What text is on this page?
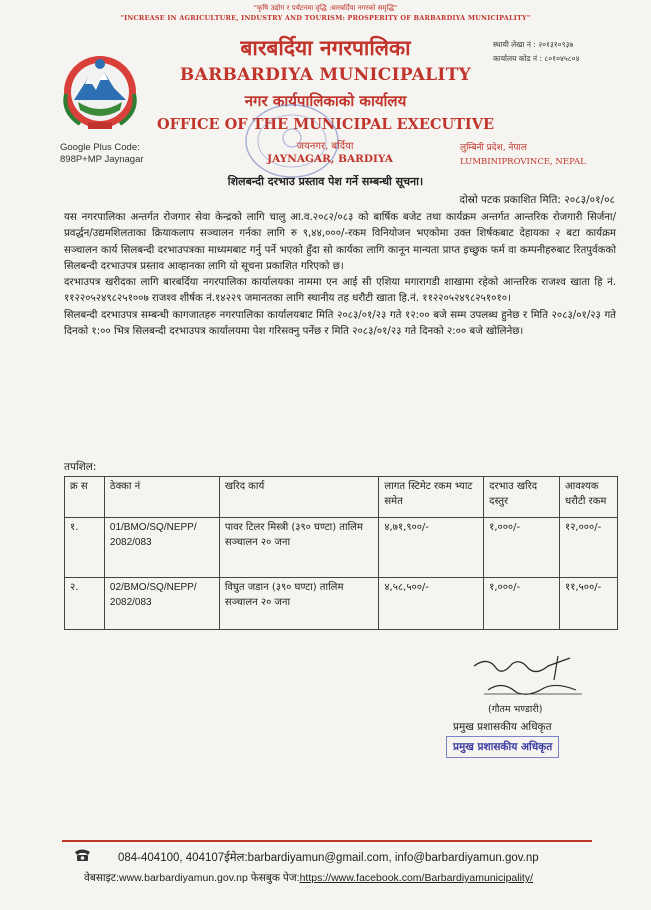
"कृषि उद्योग र पर्यटनमा वृद्धि :बारबर्दिया नगरको समृद्धि"
"INCREASE IN AGRICULTURE, INDUSTRY AND TOURISM: PROSPERITY OF BARBARDIYA MUNICIPALITY"
बारबर्दिया नगरपालिका
BARBARDIYA MUNICIPALITY
नगर कार्यपालिकाको कार्यालय
OFFICE OF THE MUNICIPAL EXECUTIVE
जयनगर, बर्दिया
JAYNAGAR, BARDIYA
स्थायी लेखा नं : २०१३१०९३७
कार्यालय कोड नं : ८०१०४५८०४
Google Plus Code:
898P+MP Jaynagar
लुम्बिनी प्रदेश, नेपाल
LUMBINIPROVINCE, NEPAL
शिलबन्दी दरभाउ प्रस्ताव पेश गर्ने सम्बन्धी सूचना।
दोस्रो पटक प्रकाशित मिति: २०८३/०१/०८

यस नगरपालिका अन्तर्गत रोजगार सेवा केन्द्रको लागि चालु आ.व.२०८२/०८३ को बार्षिक बजेट तथा कार्यक्रम अन्तर्गत आन्तरिक रोजगारी सिर्जना/प्रवर्द्धन/उद्यमशिलताका क्रियाकलाप सञ्चालन गर्नका लागि रु ९,४४,०००/-रकम विनियोजन भएकोमा उक्त शिर्षकबाट देहायका २ बटा कार्यक्रम सञ्चालन कार्य सिलबन्दी दरभाउपत्रका माध्यमबाट गर्नु पर्ने भएको हुँदा सो कार्यका लागि कानून मान्यता प्राप्त इच्छुक फर्म वा कम्पनीहरुबाट रितपुर्वकको सिलबन्दी दरभाउपत्र प्रस्ताव आव्हानका लागि यो सूचना प्रकाशित गरिएको छ।

दरभाउपत्र खरीदका लागि बारबर्दिया नगरपालिका कार्यालयका नाममा एन आई सी एशिया मगारागडी शाखामा रहेको आन्तरिक राजश्व खाता हि नं. ११२२०५२४९८२५१००७ राजश्व शीर्षक नं.१४२२९ जमानतका लागि स्थानीय तह धरौटी खाता हि.नं. ११२२०५२४९८२५१०१०।

सिलबन्दी दरभाउपत्र सम्बन्धी कागजातहरु नगरपालिका कार्यालयबाट मिति २०८३/०१/२३ गते १२:०० बजे सम्म उपलब्ध हुनेछ र मिति २०८३/०१/२३ गते दिनको १:०० भित्र सिलबन्दी दरभाउपत्र कार्यालयमा पेश गरिसक्नु पर्नेछ र मिति २०८३/०१/२३ गते दिनको २:०० बजे खोलिनेछ।

तपशिल:
क्र स	ठेक्का नं	खरिद कार्य	लागत स्टिमेट रकम भ्याट समेत	दरभाउ खरिद दस्तुर	आवश्यक धरौटी रकम
१.	01/BMO/SQ/NEPP/ 2082/083	पावर टिलर मिस्त्री (३९० घण्टा) तालिम सञ्चालन २० जना	४,७१,९००/-	१,०००/-	१२,०००/-
२.	02/BMO/SQ/NEPP/ 2082/083	विघुत जडान (३९० घण्टा) तालिम सञ्चालन २० जना	४,५८,५००/-	१,०००/-	११,५००/-
(गौतम भण्डारी)
प्रमुख प्रशासकीय अधिकृत
प्रमुख प्रशासकीय अधिकृत
084-404100, 404107ईमेल:barbardiyamun@gmail.com, info@barbardiyamun.gov.np
वेबसाइट:www.barbardiyamun.gov.np फेसबुक पेज:https://www.facebook.com/Barbardiyamunicipality/
